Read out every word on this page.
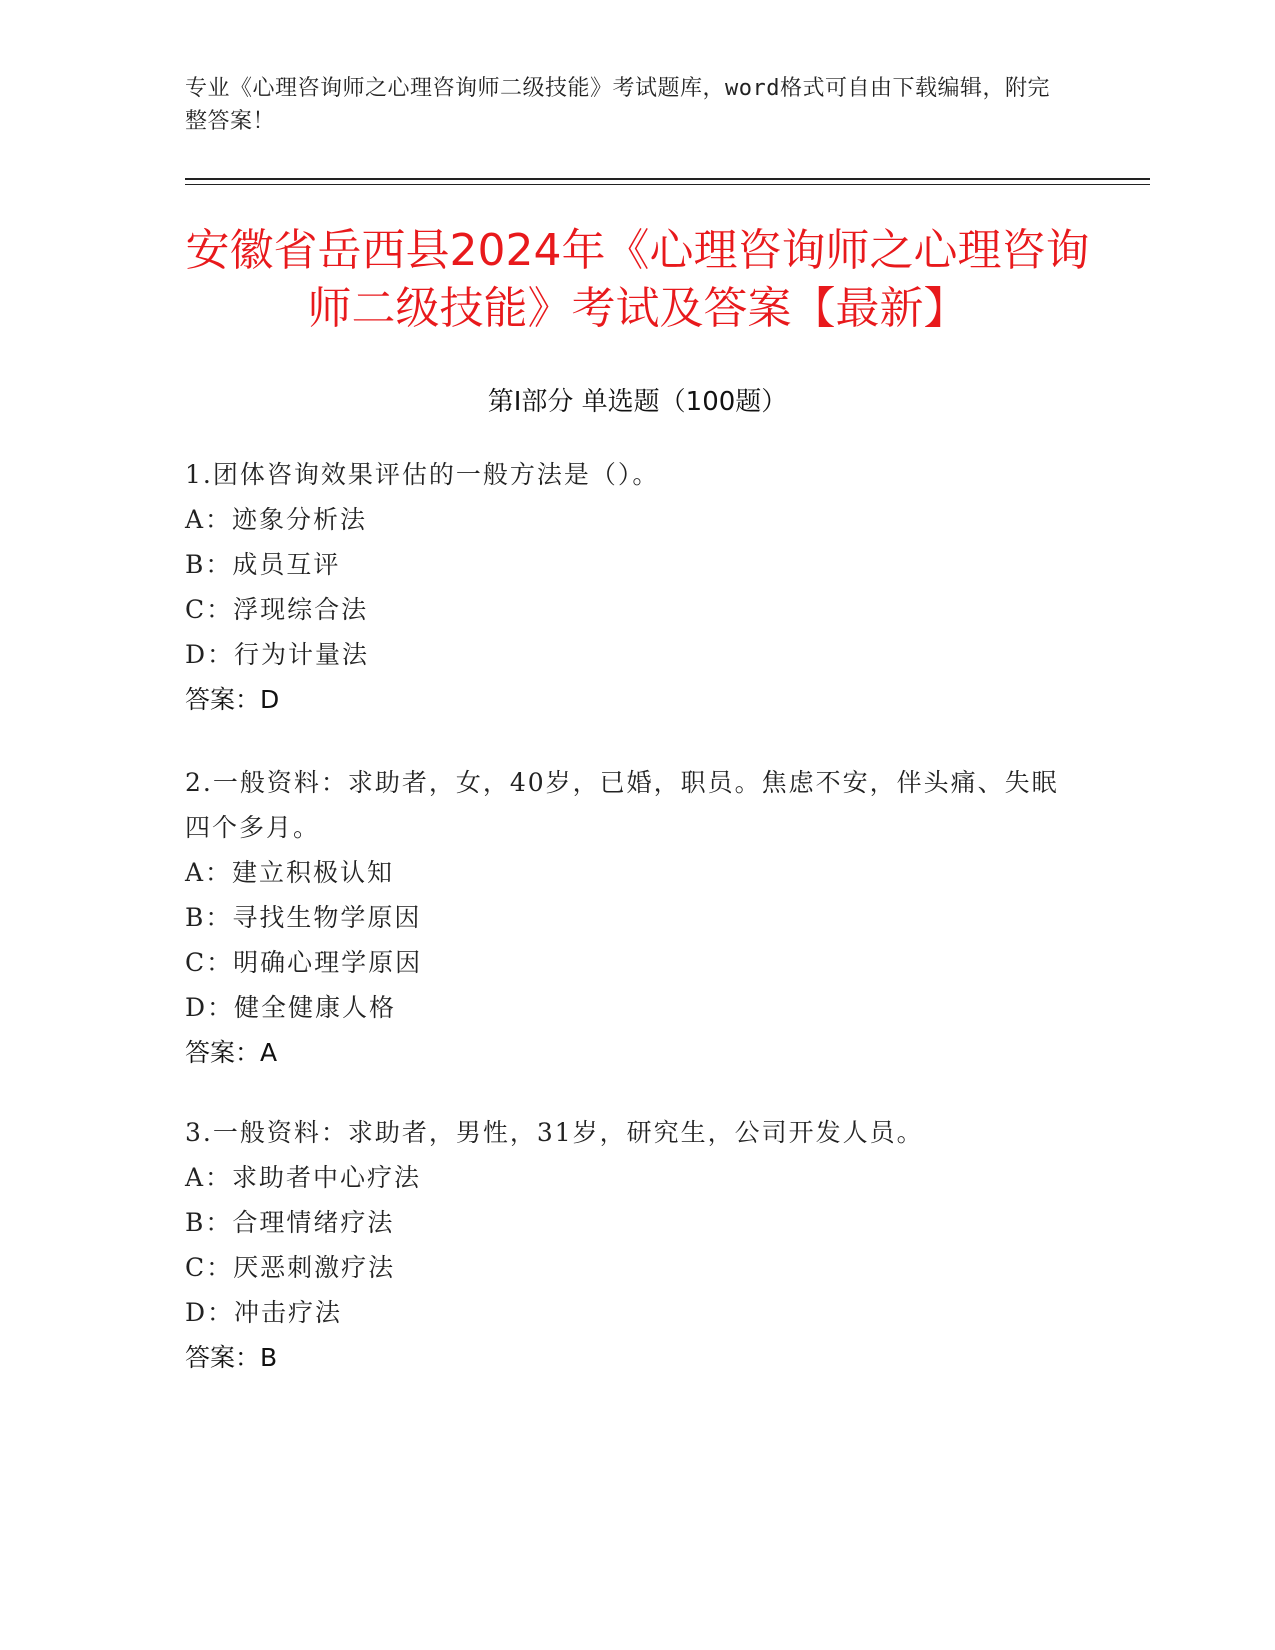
专业《心理咨询师之心理咨询师二级技能》考试题库，word格式可自由下载编辑，附完整答案！
安徽省岳西县2024年《心理咨询师之心理咨询师二级技能》考试及答案【最新】
第Ⅰ部分 单选题（100题）
1.团体咨询效果评估的一般方法是（）。
A：迹象分析法
B：成员互评
C：浮现综合法
D：行为计量法
答案：D
2.一般资料：求助者，女，40岁，已婚，职员。焦虑不安，伴头痛、失眠四个多月。
A：建立积极认知
B：寻找生物学原因
C：明确心理学原因
D：健全健康人格
答案：A
3.一般资料：求助者，男性，31岁，研究生，公司开发人员。
A：求助者中心疗法
B：合理情绪疗法
C：厌恶刺激疗法
D：冲击疗法
答案：B
